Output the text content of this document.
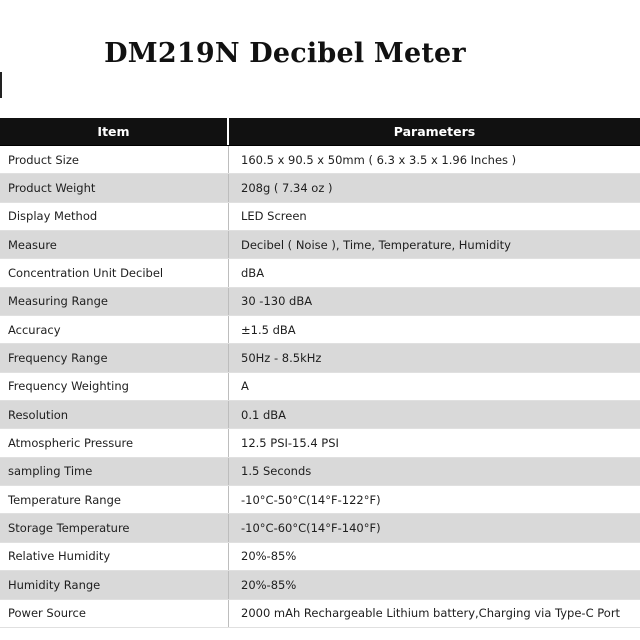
DM219N Decibel Meter
Item	Parameters
Product Size	160.5 x 90.5 x 50mm ( 6.3 x 3.5 x 1.96 Inches )
Product Weight	208g ( 7.34 oz )
Display Method	LED Screen
Measure	Decibel ( Noise ), Time, Temperature, Humidity
Concentration Unit Decibel	dBA
Measuring Range	30 -130 dBA
Accuracy	±1.5 dBA
Frequency Range	50Hz - 8.5kHz
Frequency Weighting	A
Resolution	0.1 dBA
Atmospheric Pressure	12.5 PSI-15.4 PSI
sampling Time	1.5 Seconds
Temperature Range	-10°C-50°C(14°F-122°F)
Storage Temperature	-10°C-60°C(14°F-140°F)
Relative Humidity	20%-85%
Humidity Range	20%-85%
Power Source	2000 mAh Rechargeable Lithium battery,Charging via Type-C Port
